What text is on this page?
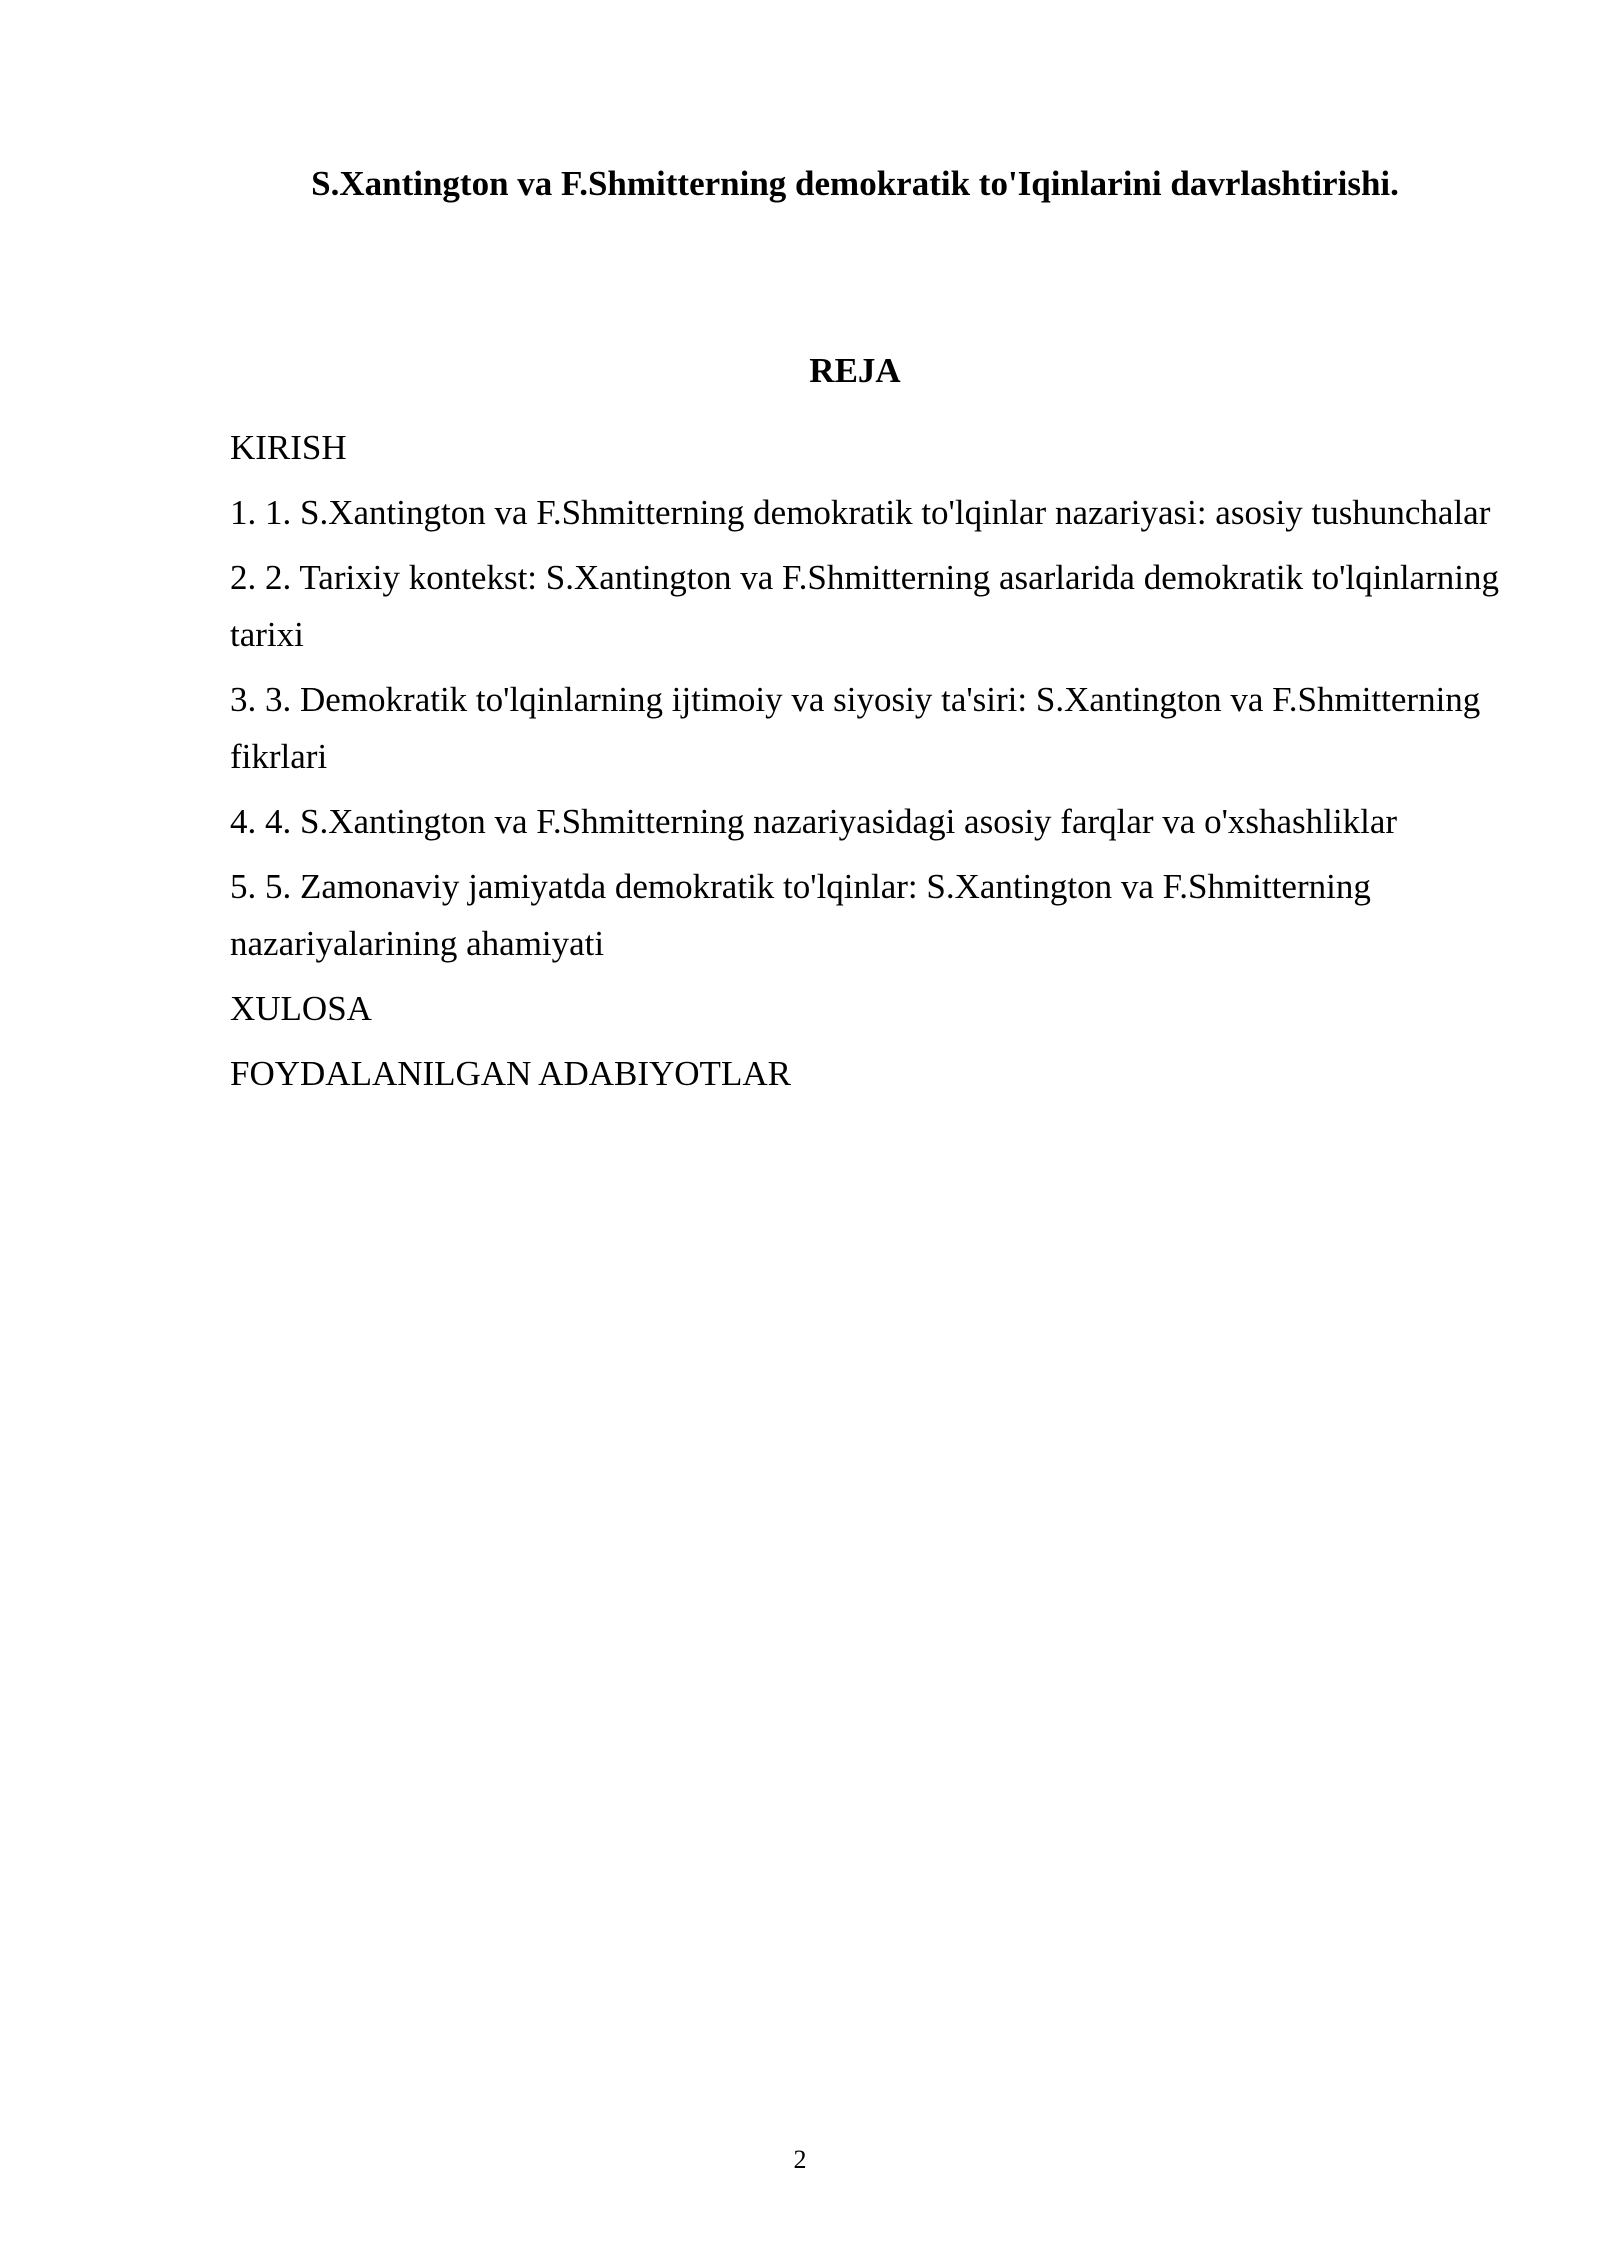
S.Xantington va F.Shmitterning demokratik to'Iqinlarini davrlashtirishi.
REJA
KIRISH
1. 1. S.Xantington va F.Shmitterning demokratik to'lqinlar nazariyasi: asosiy tushunchalar
2. 2. Tarixiy kontekst: S.Xantington va F.Shmitterning asarlarida demokratik to'lqinlarning tarixi
3. 3. Demokratik to'lqinlarning ijtimoiy va siyosiy ta'siri: S.Xantington va F.Shmitterning fikrlari
4. 4. S.Xantington va F.Shmitterning nazariyasidagi asosiy farqlar va o'xshashliklar
5. 5. Zamonaviy jamiyatda demokratik to'lqinlar: S.Xantington va F.Shmitterning nazariyalarining ahamiyati
XULOSA
FOYDALANILGAN ADABIYOTLAR
2
